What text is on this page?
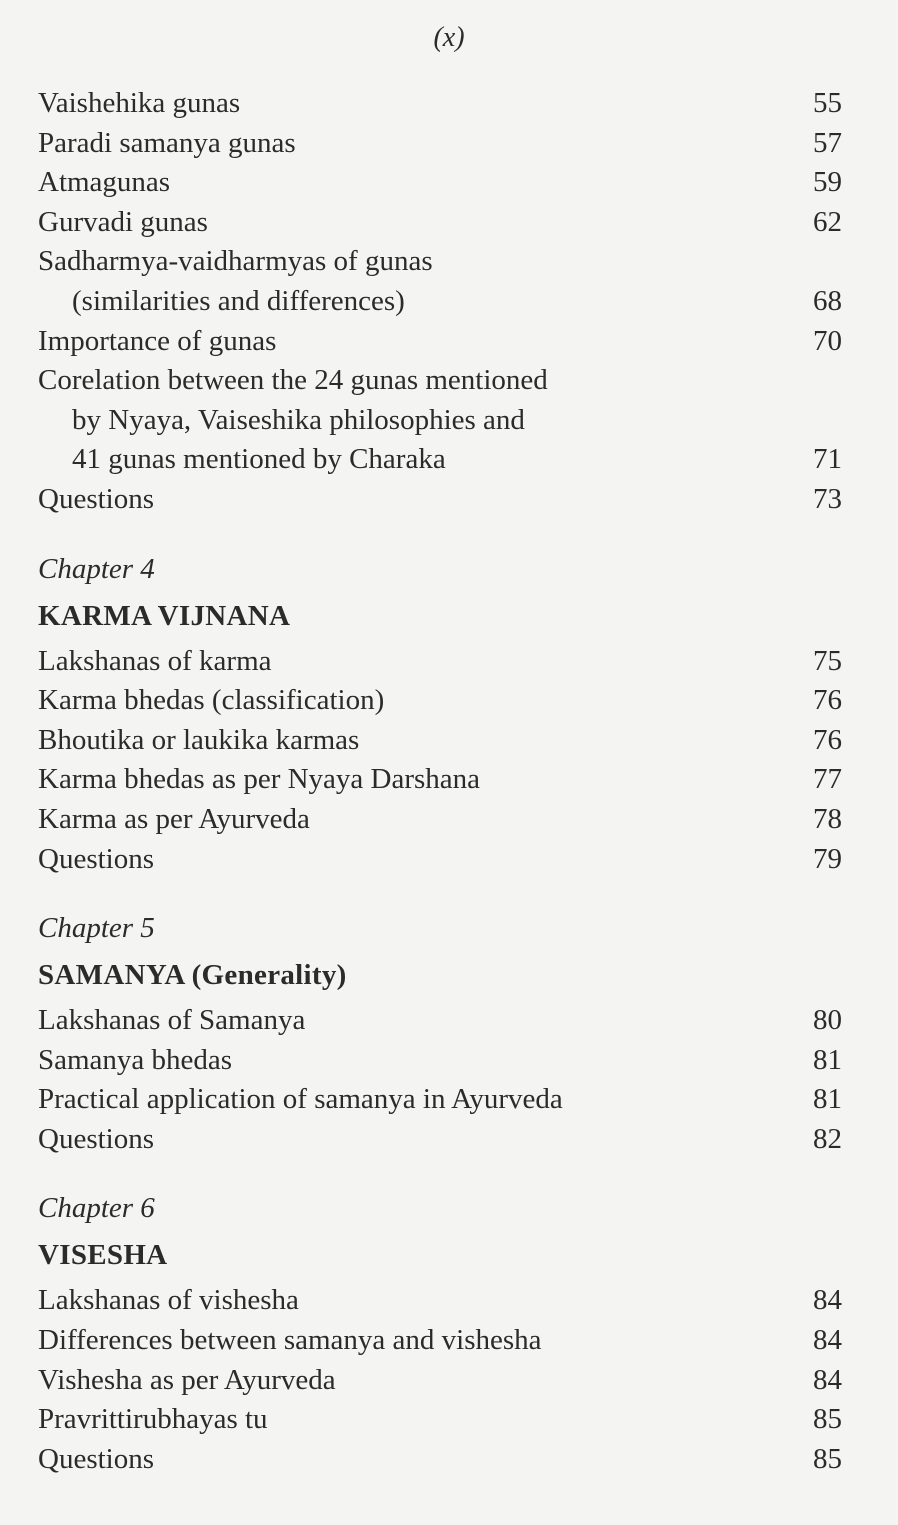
(x)
Vaishehika gunas	55
Paradi samanya gunas	57
Atmagunas	59
Gurvadi gunas	62
Sadharmya-vaidharmyas of gunas
(similarities and differences)	68
Importance of gunas	70
Corelation between the 24 gunas mentioned
by Nyaya, Vaiseshika philosophies and
41 gunas mentioned by Charaka	71
Questions	73
Chapter 4
KARMA VIJNANA
Lakshanas of karma	75
Karma bhedas (classification)	76
Bhoutika or laukika karmas	76
Karma bhedas as per Nyaya Darshana	77
Karma as per Ayurveda	78
Questions	79
Chapter 5
SAMANYA (Generality)
Lakshanas of Samanya	80
Samanya bhedas	81
Practical application of samanya in Ayurveda	81
Questions	82
Chapter 6
VISESHA
Lakshanas of vishesha	84
Differences between samanya and vishesha	84
Vishesha as per Ayurveda	84
Pravrittirubhayas tu	85
Questions	85
